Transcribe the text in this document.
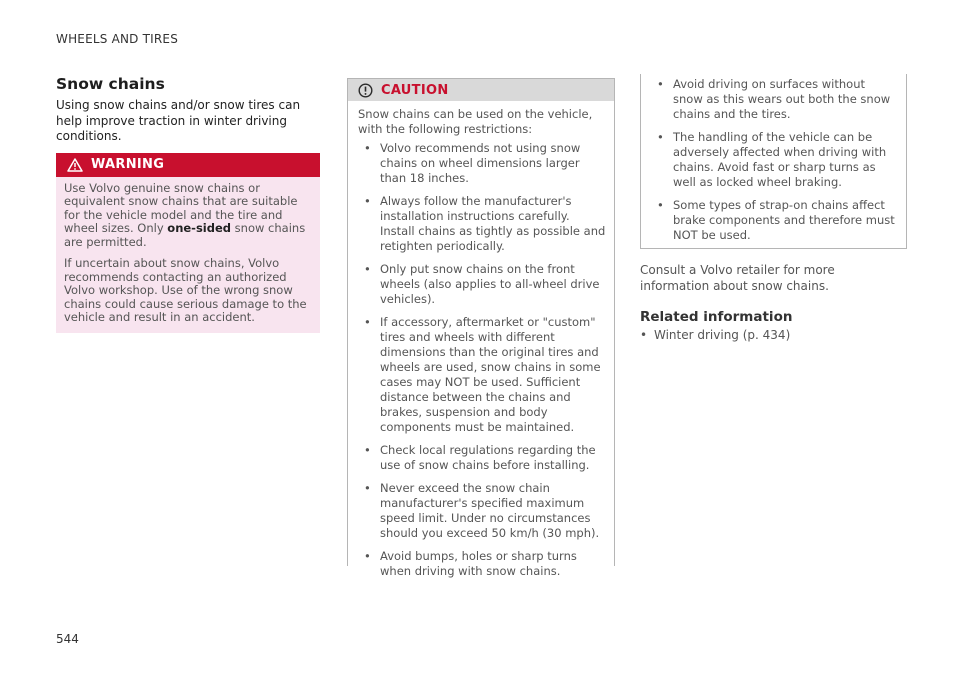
WHEELS AND TIRES
Snow chains

Using snow chains and/or snow tires can help improve traction in winter driving conditions.

WARNING

Use Volvo genuine snow chains or equivalent snow chains that are suitable for the vehicle model and the tire and wheel sizes. Only one-sided snow chains are permitted.

If uncertain about snow chains, Volvo recommends contacting an authorized Volvo workshop. Use of the wrong snow chains could cause serious damage to the vehicle and result in an accident.

CAUTION

Snow chains can be used on the vehicle, with the following restrictions:

• Volvo recommends not using snow chains on wheel dimensions larger than 18 inches.
• Always follow the manufacturer's installation instructions carefully. Install chains as tightly as possible and retighten periodically.
• Only put snow chains on the front wheels (also applies to all-wheel drive vehicles).
• If accessory, aftermarket or "custom" tires and wheels with different dimensions than the original tires and wheels are used, snow chains in some cases may NOT be used. Sufficient distance between the chains and brakes, suspension and body components must be maintained.
• Check local regulations regarding the use of snow chains before installing.
• Never exceed the snow chain manufacturer's specified maximum speed limit. Under no circumstances should you exceed 50 km/h (30 mph).
• Avoid bumps, holes or sharp turns when driving with snow chains.
• Avoid driving on surfaces without snow as this wears out both the snow chains and the tires.
• The handling of the vehicle can be adversely affected when driving with chains. Avoid fast or sharp turns as well as locked wheel braking.
• Some types of strap-on chains affect brake components and therefore must NOT be used.

Consult a Volvo retailer for more information about snow chains.

Related information
• Winter driving (p. 434)
544
